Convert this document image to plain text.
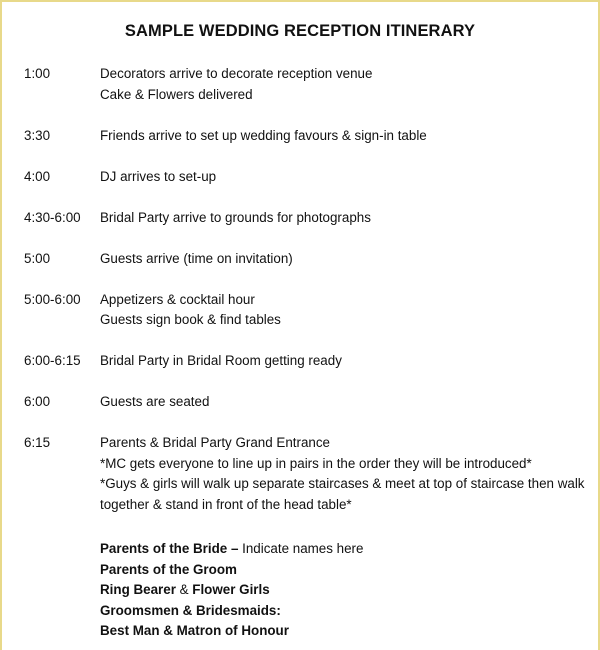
SAMPLE WEDDING RECEPTION ITINERARY
1:00	Decorators arrive to decorate reception venue
Cake & Flowers delivered
3:30	Friends arrive to set up wedding favours & sign-in table
4:00	DJ arrives to set-up
4:30-6:00	Bridal Party arrive to grounds for photographs
5:00	Guests arrive (time on invitation)
5:00-6:00	Appetizers & cocktail hour
Guests sign book & find tables
6:00-6:15	Bridal Party in Bridal Room getting ready
6:00	Guests are seated
6:15	Parents & Bridal Party Grand Entrance
*MC gets everyone to line up in pairs in the order they will be introduced*
*Guys & girls will walk up separate staircases & meet at top of staircase then walk
together & stand in front of the head table*
Parents of the Bride – Indicate names here
Parents of the Groom
Ring Bearer & Flower Girls
Groomsmen & Bridesmaids:
Best Man & Matron of Honour
